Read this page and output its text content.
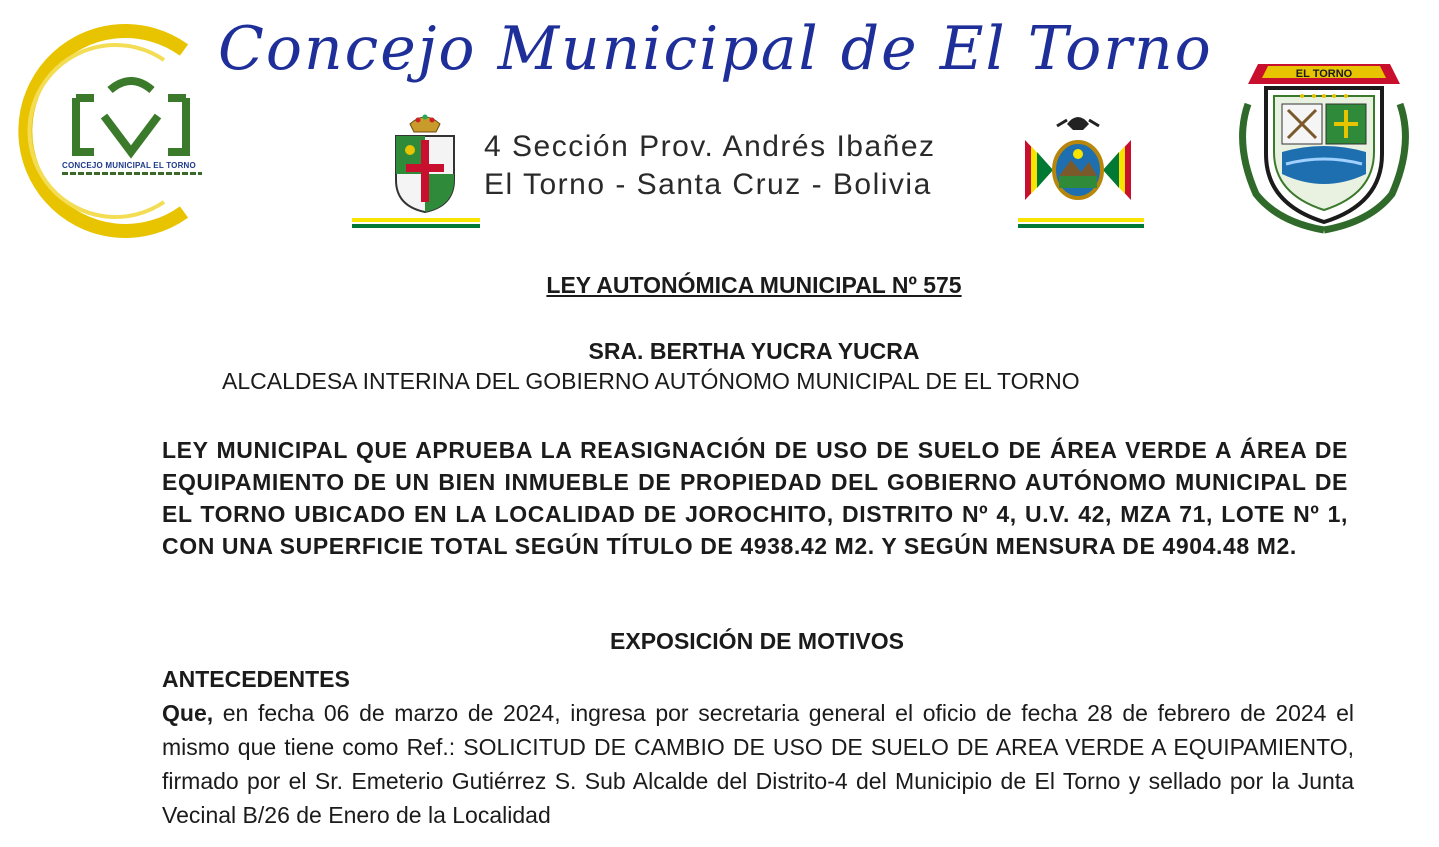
CONCEJO MUNICIPAL EL TORNO
Concejo Municipal de El Torno
4 Sección Prov. Andrés Ibañez
El Torno - Santa Cruz - Bolivia
EL TORNO
LEY AUTONÓMICA MUNICIPAL Nº 575
SRA. BERTHA YUCRA YUCRA
ALCALDESA INTERINA DEL GOBIERNO AUTÓNOMO MUNICIPAL DE EL TORNO
LEY MUNICIPAL QUE APRUEBA LA REASIGNACIÓN DE USO DE SUELO DE ÁREA VERDE A ÁREA DE EQUIPAMIENTO DE UN BIEN INMUEBLE DE PROPIEDAD DEL GOBIERNO AUTÓNOMO MUNICIPAL DE EL TORNO UBICADO EN LA LOCALIDAD DE JOROCHITO, DISTRITO Nº 4, U.V. 42, MZA 71, LOTE Nº 1, CON UNA SUPERFICIE TOTAL SEGÚN TÍTULO DE 4938.42 M2. Y SEGÚN MENSURA DE 4904.48 M2.
EXPOSICIÓN DE MOTIVOS
ANTECEDENTES
Que, en fecha 06 de marzo de 2024, ingresa por secretaria general el oficio de fecha 28 de febrero de 2024 el mismo que tiene como Ref.: SOLICITUD DE CAMBIO DE USO DE SUELO DE AREA VERDE A EQUIPAMIENTO, firmado por el Sr. Emeterio Gutiérrez S. Sub Alcalde del Distrito-4 del Municipio de El Torno y sellado por la Junta Vecinal B/26 de Enero de la Localidad
